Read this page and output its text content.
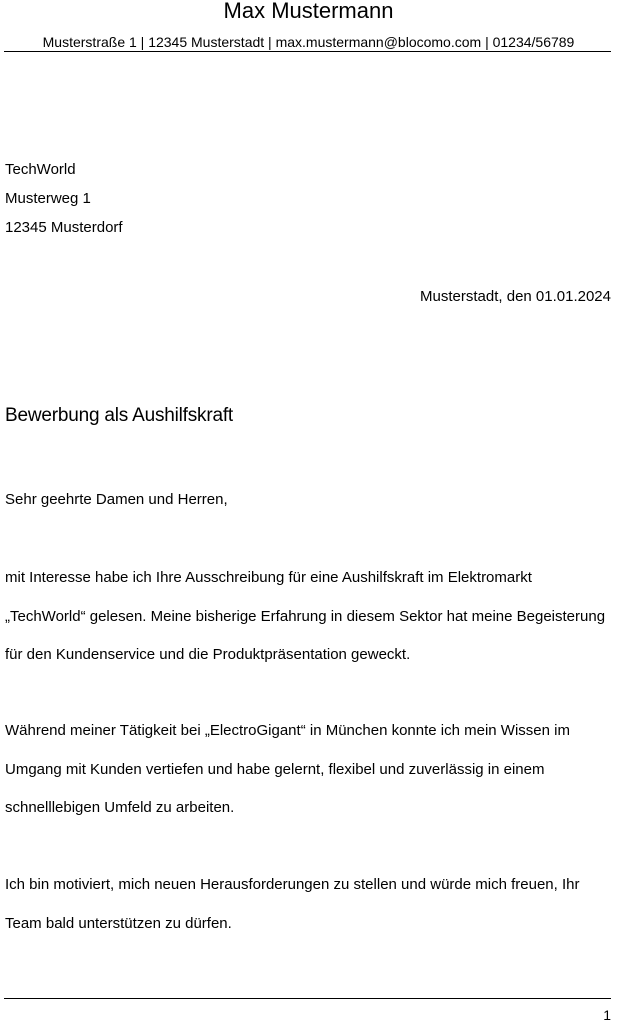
Max Mustermann
Musterstraße 1 | 12345 Musterstadt | max.mustermann@blocomo.com | 01234/56789
TechWorld
Musterweg 1
12345 Musterdorf
Musterstadt, den 01.01.2024
Bewerbung als Aushilfskraft
Sehr geehrte Damen und Herren,

mit Interesse habe ich Ihre Ausschreibung für eine Aushilfskraft im Elektromarkt „TechWorld“ gelesen. Meine bisherige Erfahrung in diesem Sektor hat meine Begeisterung für den Kundenservice und die Produktpräsentation geweckt.

Während meiner Tätigkeit bei „ElectroGigant“ in München konnte ich mein Wissen im Umgang mit Kunden vertiefen und habe gelernt, flexibel und zuverlässig in einem schnelllebigen Umfeld zu arbeiten.

Ich bin motiviert, mich neuen Herausforderungen zu stellen und würde mich freuen, Ihr Team bald unterstützen zu dürfen.

1
